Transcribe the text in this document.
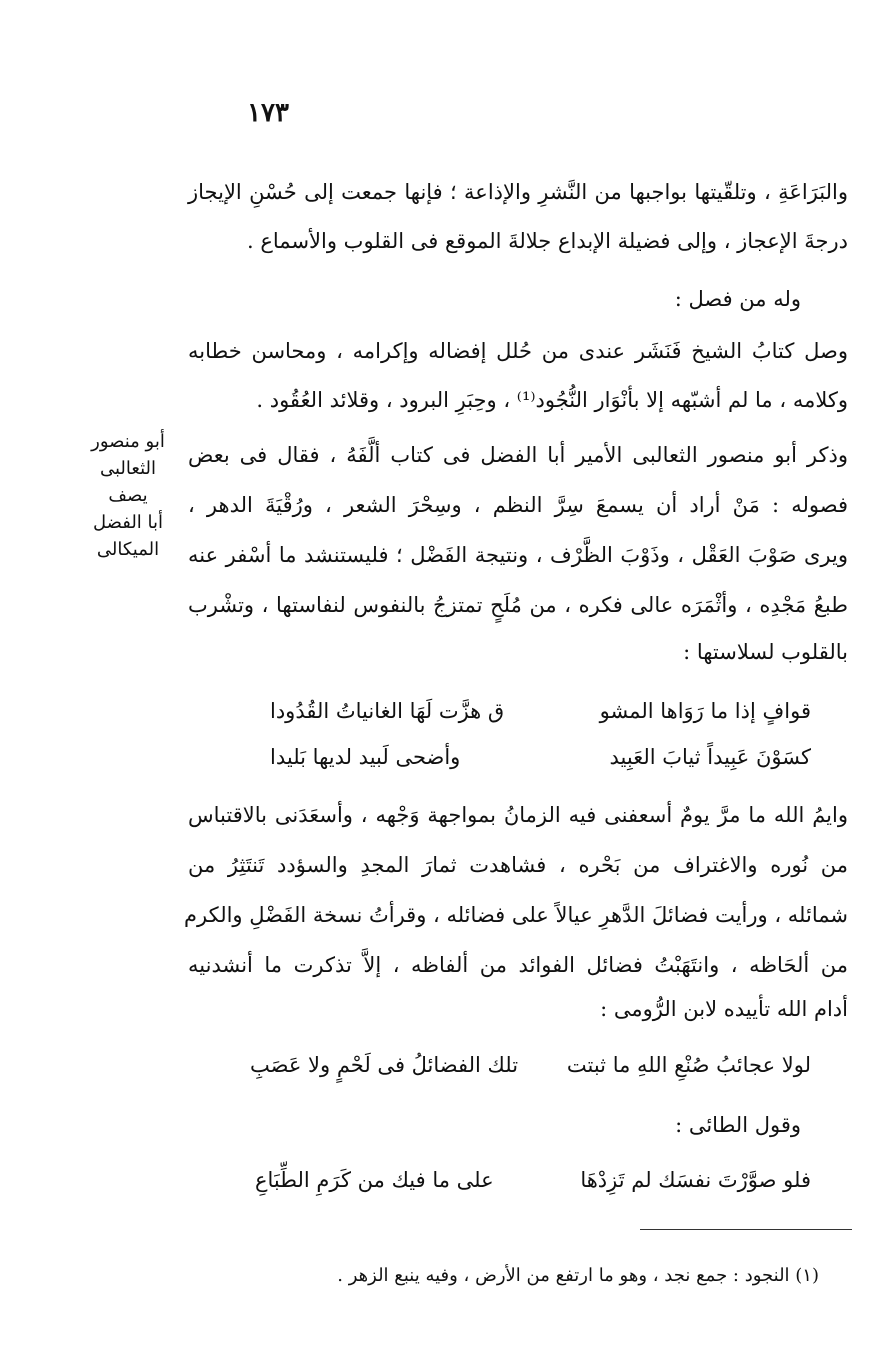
١٧٣
والبَرَاعَةِ ، وتلقّيتها بواجبها من النَّشرِ والإذاعة ؛ فإنها جمعت إلى حُسْنِ الإيجاز
درجةَ الإعجاز ، وإلى فضيلة الإبداع جلالةَ الموقع فى القلوب والأسماع .
وله من فصل :
وصل كتابُ الشيخ فَنَشَر عندى من حُلل إفضاله وإكرامه ، ومحاسن خطابه
وكلامه ، ما لم أشبّهه إلا بأنْوَار النُّجُود⁽¹⁾ ، وحِبَرِ البرود ، وقلائد العُقُود .
أبو منصور
الثعالبى يصف
أبا الفضل
الميكالى
وذكر أبو منصور الثعالبى الأمير أبا الفضل فى كتاب ألَّفَهُ ، فقال فى بعض
فصوله : مَنْ أراد أن يسمعَ سِرَّ النظم ، وسِحْرَ الشعر ، ورُقْيَةَ الدهر ،
ويرى صَوْبَ العَقْل ، وذَوْبَ الظَّرْف ، ونتيجة الفَضْل ؛ فليستنشد ما أسْفر عنه
طبعُ مَجْدِه ، وأثْمَرَه عالى فكره ، من مُلَحٍ تمتزجُ بالنفوس لنفاستها ، وتشْرب
بالقلوب لسلاستها :
قوافٍ إذا ما رَوَاها المشو
ق هزَّت لَهَا الغانياتُ القُدُودا
كسَوْنَ عَبِيداً ثيابَ العَبِيد
وأضحى لَبيد لديها بَليدا
وايمُ الله ما مرَّ يومٌ أسعفنى فيه الزمانُ بمواجهة وَجْهه ، وأسعَدَنى بالاقتباس
من نُوره والاغتراف من بَحْره ، فشاهدت ثمارَ المجدِ والسؤدد تَنتَثِرُ من
شمائله ، ورأيت فضائلَ الدَّهرِ عيالاً على فضائله ، وقرأتُ نسخة الفَضْلِ والكرم
من ألحَاظه ، وانتَهَبْتُ فضائل الفوائد من ألفاظه ، إلاَّ تذكرت ما أنشدنيه
أدام الله تأييده لابن الرُّومى :
لولا عجائبُ صُنْعِ اللهِ ما ثبتت
تلك الفضائلُ فى لَحْمٍ ولا عَصَبِ
وقول الطائى :
فلو صوَّرْتَ نفسَك لم تَزِدْهَا
على ما فيك من كَرَمِ الطِّبَاعِ
(١) النجود : جمع نجد ، وهو ما ارتفع من الأرض ، وفيه ينبع الزهر .
